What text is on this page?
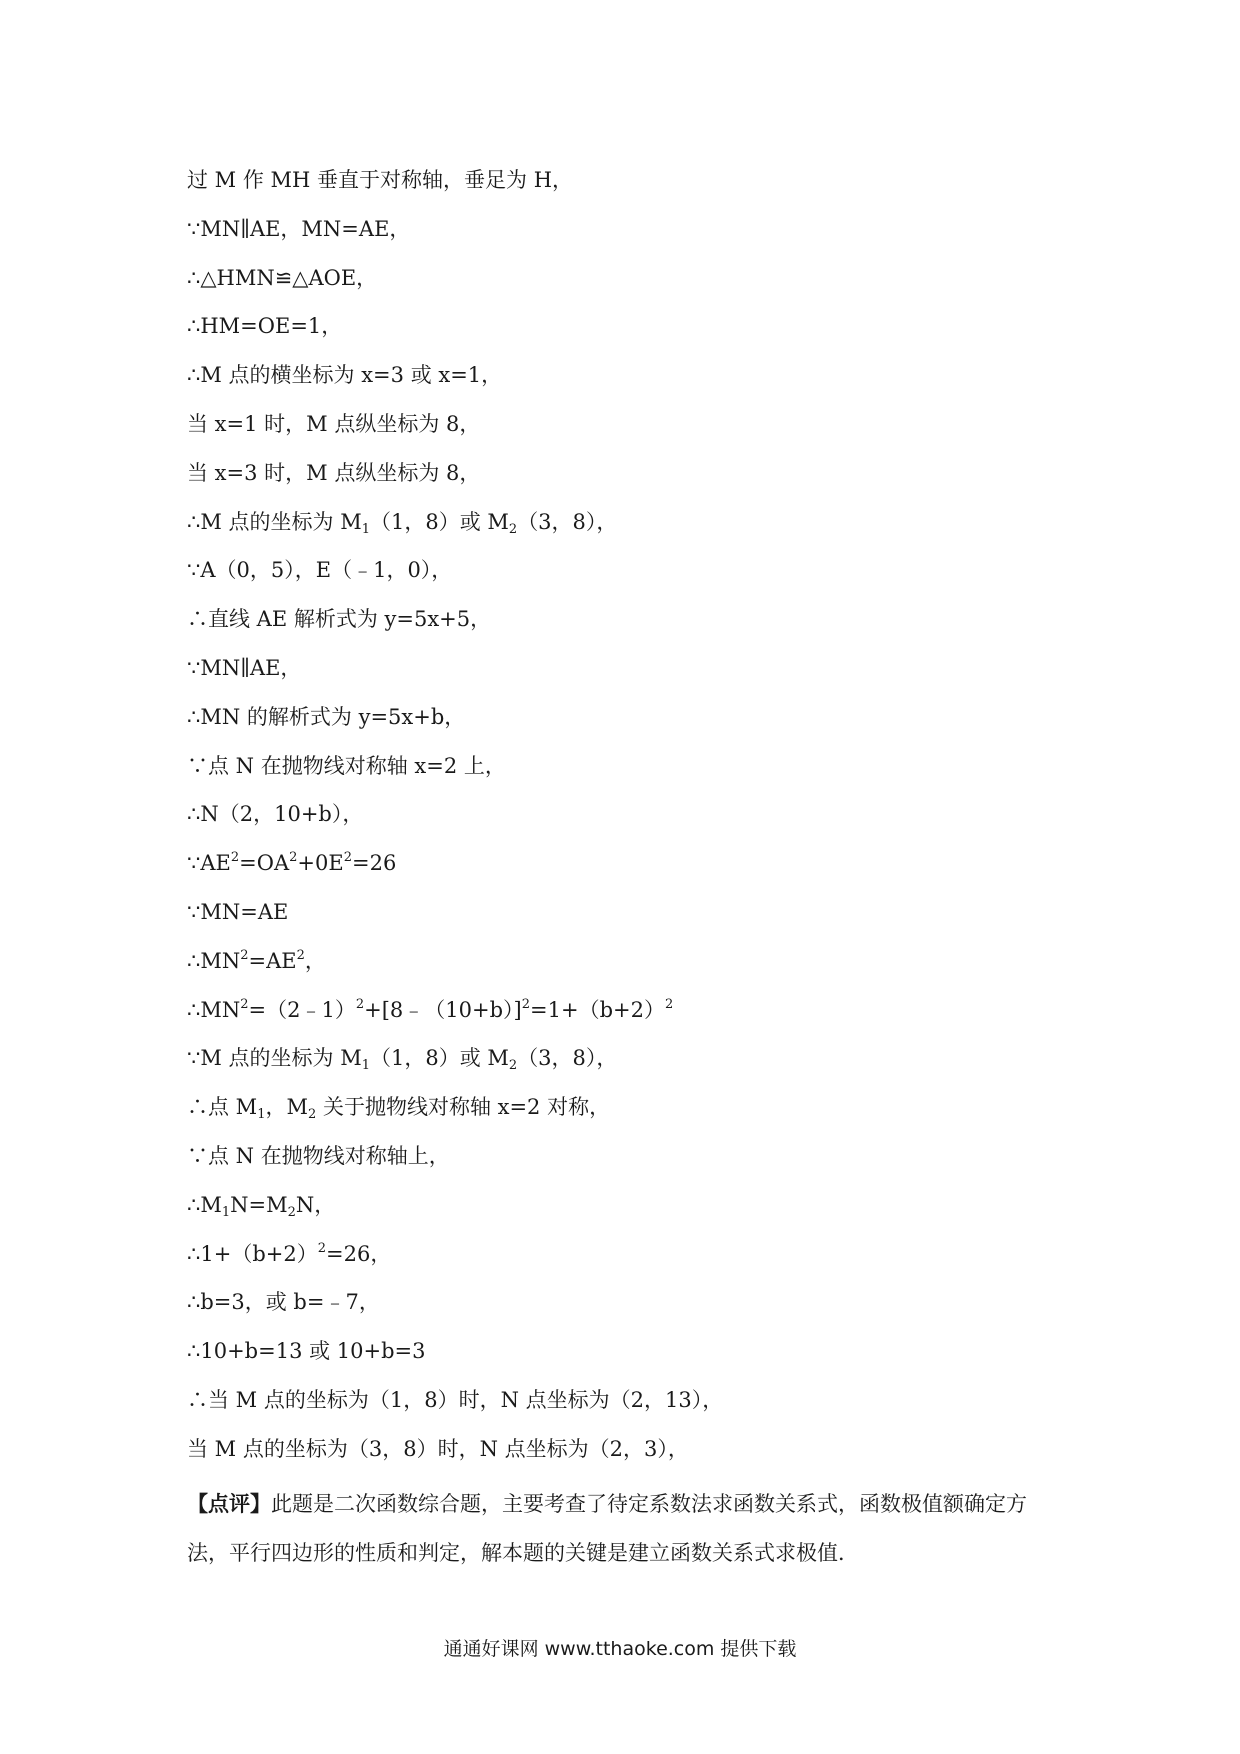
过 M 作 MH 垂直于对称轴，垂足为 H，
∵MN∥AE，MN=AE，
∴△HMN≌△AOE，
∴HM=OE=1，
∴M 点的横坐标为 x=3 或 x=1，
当 x=1 时，M 点纵坐标为 8，
当 x=3 时，M 点纵坐标为 8，
∴M 点的坐标为 $M_1(1$，8）或 $M_2(3$，8），
∵A（0，5），E（﹣1，0），
∴直线 AE 解析式为 y=5x+5，
∵MN∥AE，
∴MN 的解析式为 y=5x+b，
∵点 N 在抛物线对称轴 x=2 上，
∴N（2，10+b），
$\because AE^2=OA^2+0E^2=26$
∵MN=AE
$\therefore MN^2=AE^2$，
$\therefore MN^2=(2﹣1)^2+[8﹣(10+b)]^2=1+(b+2)^2$
∵M 点的坐标为 $M_1(1$，8）或 $M_2(3$，8），
∴点 $M_1$，$M_2$ 关于抛物线对称轴 x=2 对称，
∵点 N 在抛物线对称轴上，
$\therefore M_1N=M_2N$，
$\therefore 1+(b+2)^2=26$，
∴b=3，或 b=﹣7，
∴10+b=13 或 10+b=3
∴当 M 点的坐标为（1，8）时，N 点坐标为（2，13），
当 M 点的坐标为（3，8）时，N 点坐标为（2，3），
【点评】此题是二次函数综合题，主要考查了待定系数法求函数关系式，函数极值额确定方法，平行四边形的性质和判定，解本题的关键是建立函数关系式求极值．
通通好课网 www.tthaoke.com 提供下载
